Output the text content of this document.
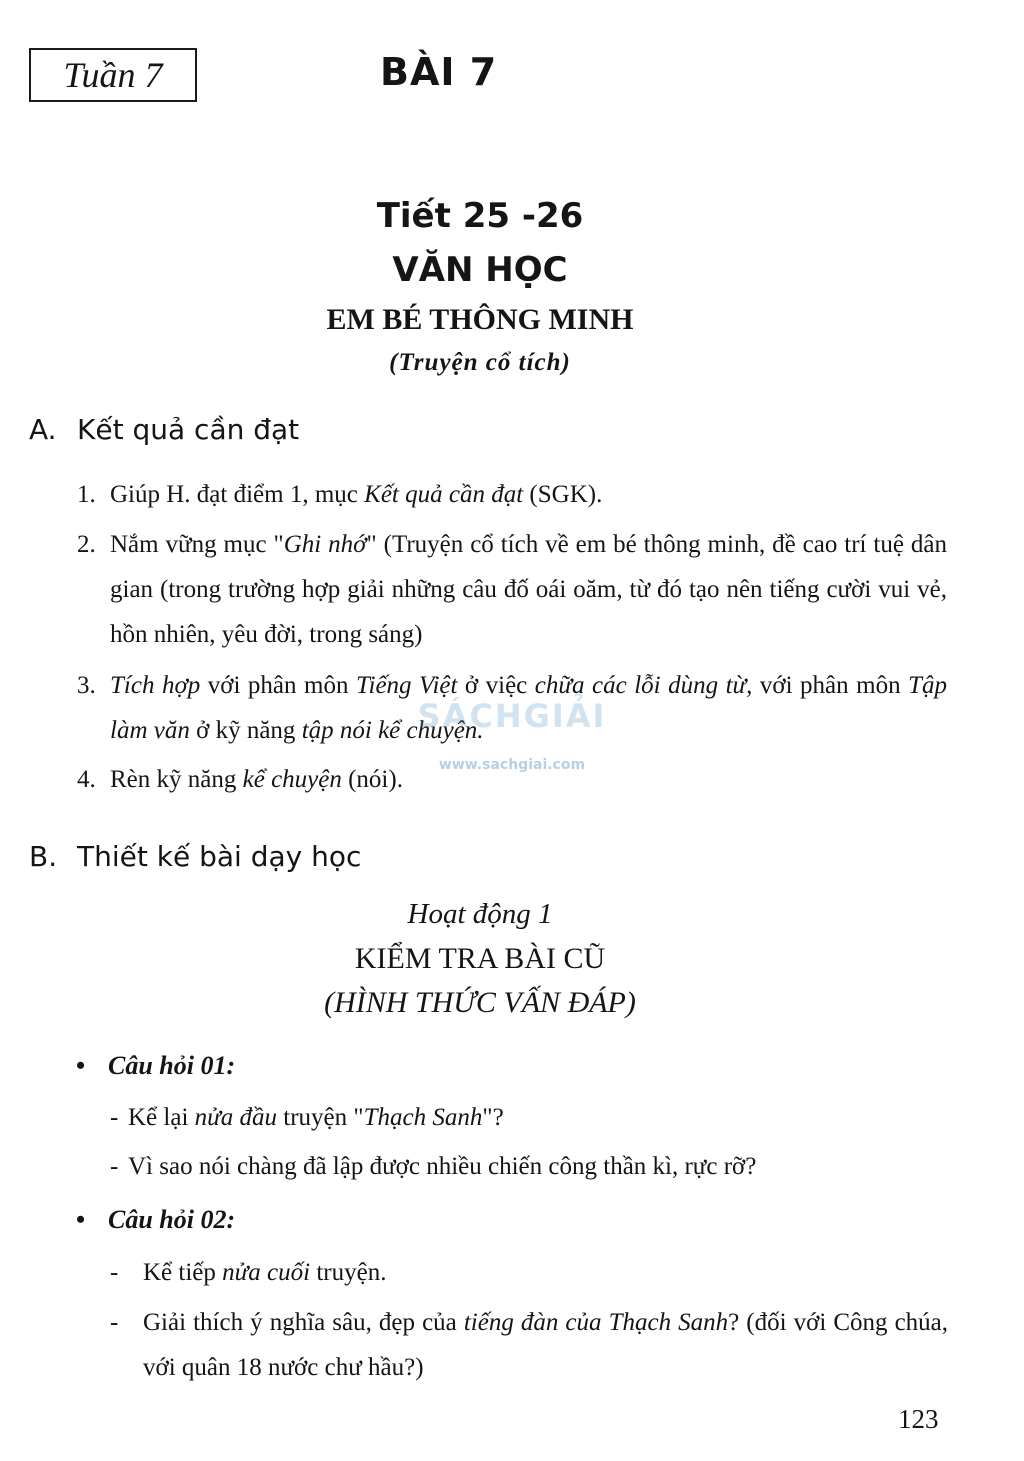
Tuần 7	BÀI 7
Tiết 25 -26
VĂN HỌC
EM BÉ THÔNG MINH
(Truyện cổ tích)
A. Kết quả cần đạt
1. Giúp H. đạt điểm 1, mục Kết quả cần đạt (SGK).
2. Nắm vững mục "Ghi nhớ" (Truyện cổ tích về em bé thông minh, đề cao trí tuệ dân gian (trong trường hợp giải những câu đố oái oăm, từ đó tạo nên tiếng cười vui vẻ, hồn nhiên, yêu đời, trong sáng)
3. Tích hợp với phân môn Tiếng Việt ở việc chữa các lỗi dùng từ, với phân môn Tập làm văn ở kỹ năng tập nói kể chuyện.
4. Rèn kỹ năng kể chuyện (nói).
SÁCHGIẢI
www.sachgiai.com
B. Thiết kế bài dạy học
Hoạt động 1
KIỂM TRA BÀI CŨ
(HÌNH THỨC VẤN ĐÁP)
• Câu hỏi 01:
- Kể lại nửa đầu truyện "Thạch Sanh"?
- Vì sao nói chàng đã lập được nhiều chiến công thần kì, rực rỡ?
• Câu hỏi 02:
- Kể tiếp nửa cuối truyện.
- Giải thích ý nghĩa sâu, đẹp của tiếng đàn của Thạch Sanh? (đối với Công chúa, với quân 18 nước chư hầu?)
123
